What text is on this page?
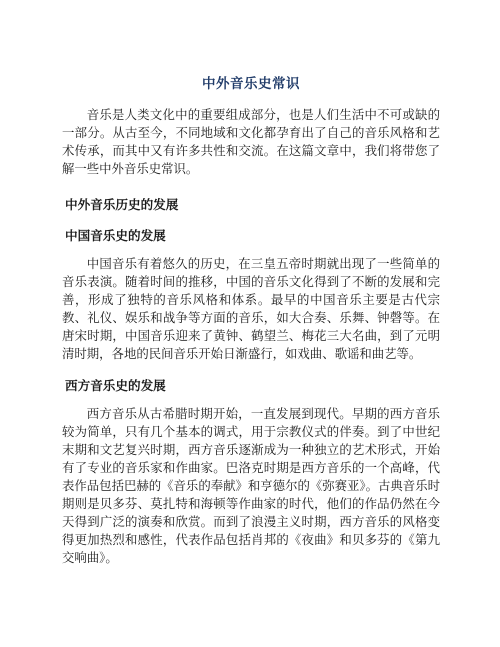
中外音乐史常识

音乐是人类文化中的重要组成部分，也是人们生活中不可或缺的一部分。从古至今，不同地域和文化都孕育出了自己的音乐风格和艺术传承，而其中又有许多共性和交流。在这篇文章中，我们将带您了解一些中外音乐史常识。

中外音乐历史的发展
中国音乐史的发展

中国音乐有着悠久的历史，在三皇五帝时期就出现了一些简单的音乐表演。随着时间的推移，中国的音乐文化得到了不断的发展和完善，形成了独特的音乐风格和体系。最早的中国音乐主要是古代宗教、礼仪、娱乐和战争等方面的音乐，如大合奏、乐舞、钟磬等。在唐宋时期，中国音乐迎来了黄钟、鹤望兰、梅花三大名曲，到了元明清时期，各地的民间音乐开始日渐盛行，如戏曲、歌谣和曲艺等。

西方音乐史的发展

西方音乐从古希腊时期开始，一直发展到现代。早期的西方音乐较为简单，只有几个基本的调式，用于宗教仪式的伴奏。到了中世纪末期和文艺复兴时期，西方音乐逐渐成为一种独立的艺术形式，开始有了专业的音乐家和作曲家。巴洛克时期是西方音乐的一个高峰，代表作品包括巴赫的《音乐的奉献》和亨德尔的《弥赛亚》。古典音乐时期则是贝多芬、莫扎特和海顿等作曲家的时代，他们的作品仍然在今天得到广泛的演奏和欣赏。而到了浪漫主义时期，西方音乐的风格变得更加热烈和感性，代表作品包括肖邦的《夜曲》和贝多芬的《第九交响曲》。
